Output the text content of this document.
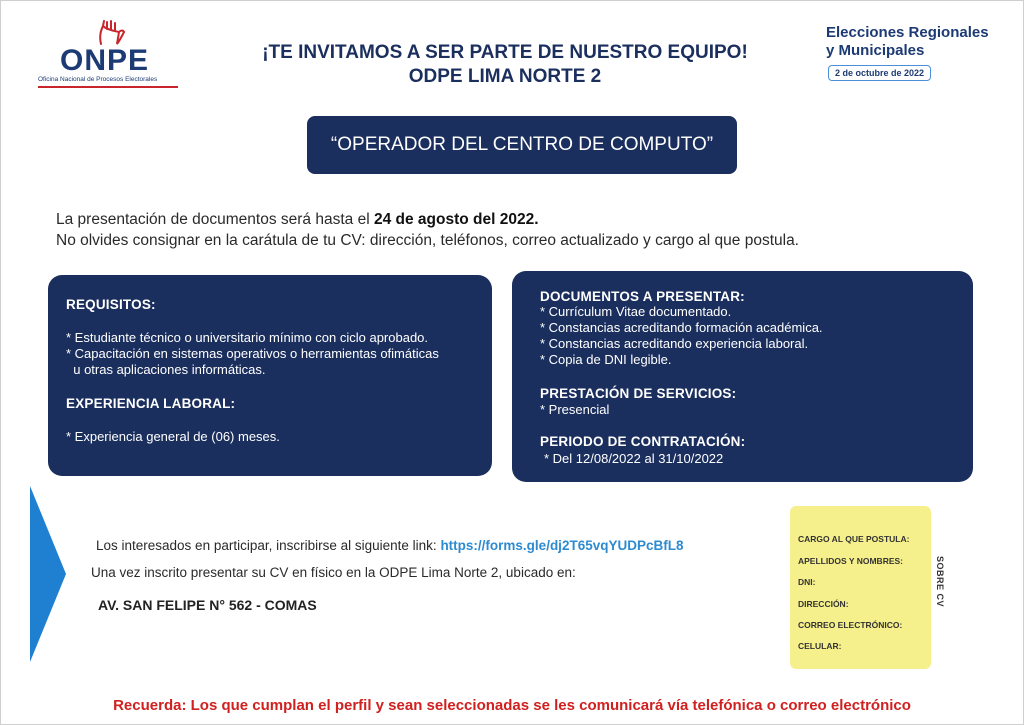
ONPE
Oficina Nacional de Procesos Electorales
¡TE INVITAMOS A SER PARTE DE NUESTRO EQUIPO!
ODPE LIMA NORTE 2
Elecciones Regionales
y Municipales
2 de octubre de 2022
“OPERADOR DEL CENTRO DE COMPUTO”
La presentación de documentos será hasta el 24 de agosto del 2022.
No olvides consignar en la carátula de tu CV: dirección, teléfonos, correo actualizado y cargo al que postula.
REQUISITOS:

* Estudiante técnico o universitario mínimo con ciclo aprobado.

* Capacitación en sistemas operativos o herramientas ofimáticas

u otras aplicaciones informáticas.

EXPERIENCIA LABORAL:

* Experiencia general de (06) meses.

DOCUMENTOS A PRESENTAR:

* Currículum Vitae documentado.

* Constancias acreditando formación académica.

* Constancias acreditando experiencia laboral.

* Copia de DNI legible.

PRESTACIÓN DE SERVICIOS:

* Presencial

PERIODO DE CONTRATACIÓN:

* Del 12/08/2022 al 31/10/2022

Los interesados en participar, inscribirse al siguiente link: https://forms.gle/dj2T65vqYUDPcBfL8
Una vez inscrito presentar su CV en físico en la ODPE Lima Norte 2, ubicado en:
AV. SAN FELIPE N° 562 - COMAS
CARGO AL QUE POSTULA:
APELLIDOS Y NOMBRES:
DNI:
DIRECCIÓN:
CORREO ELECTRÓNICO:
CELULAR:
SOBRE CV
Recuerda: Los que cumplan el perfil y sean seleccionadas se les comunicará vía telefónica o correo electrónico
